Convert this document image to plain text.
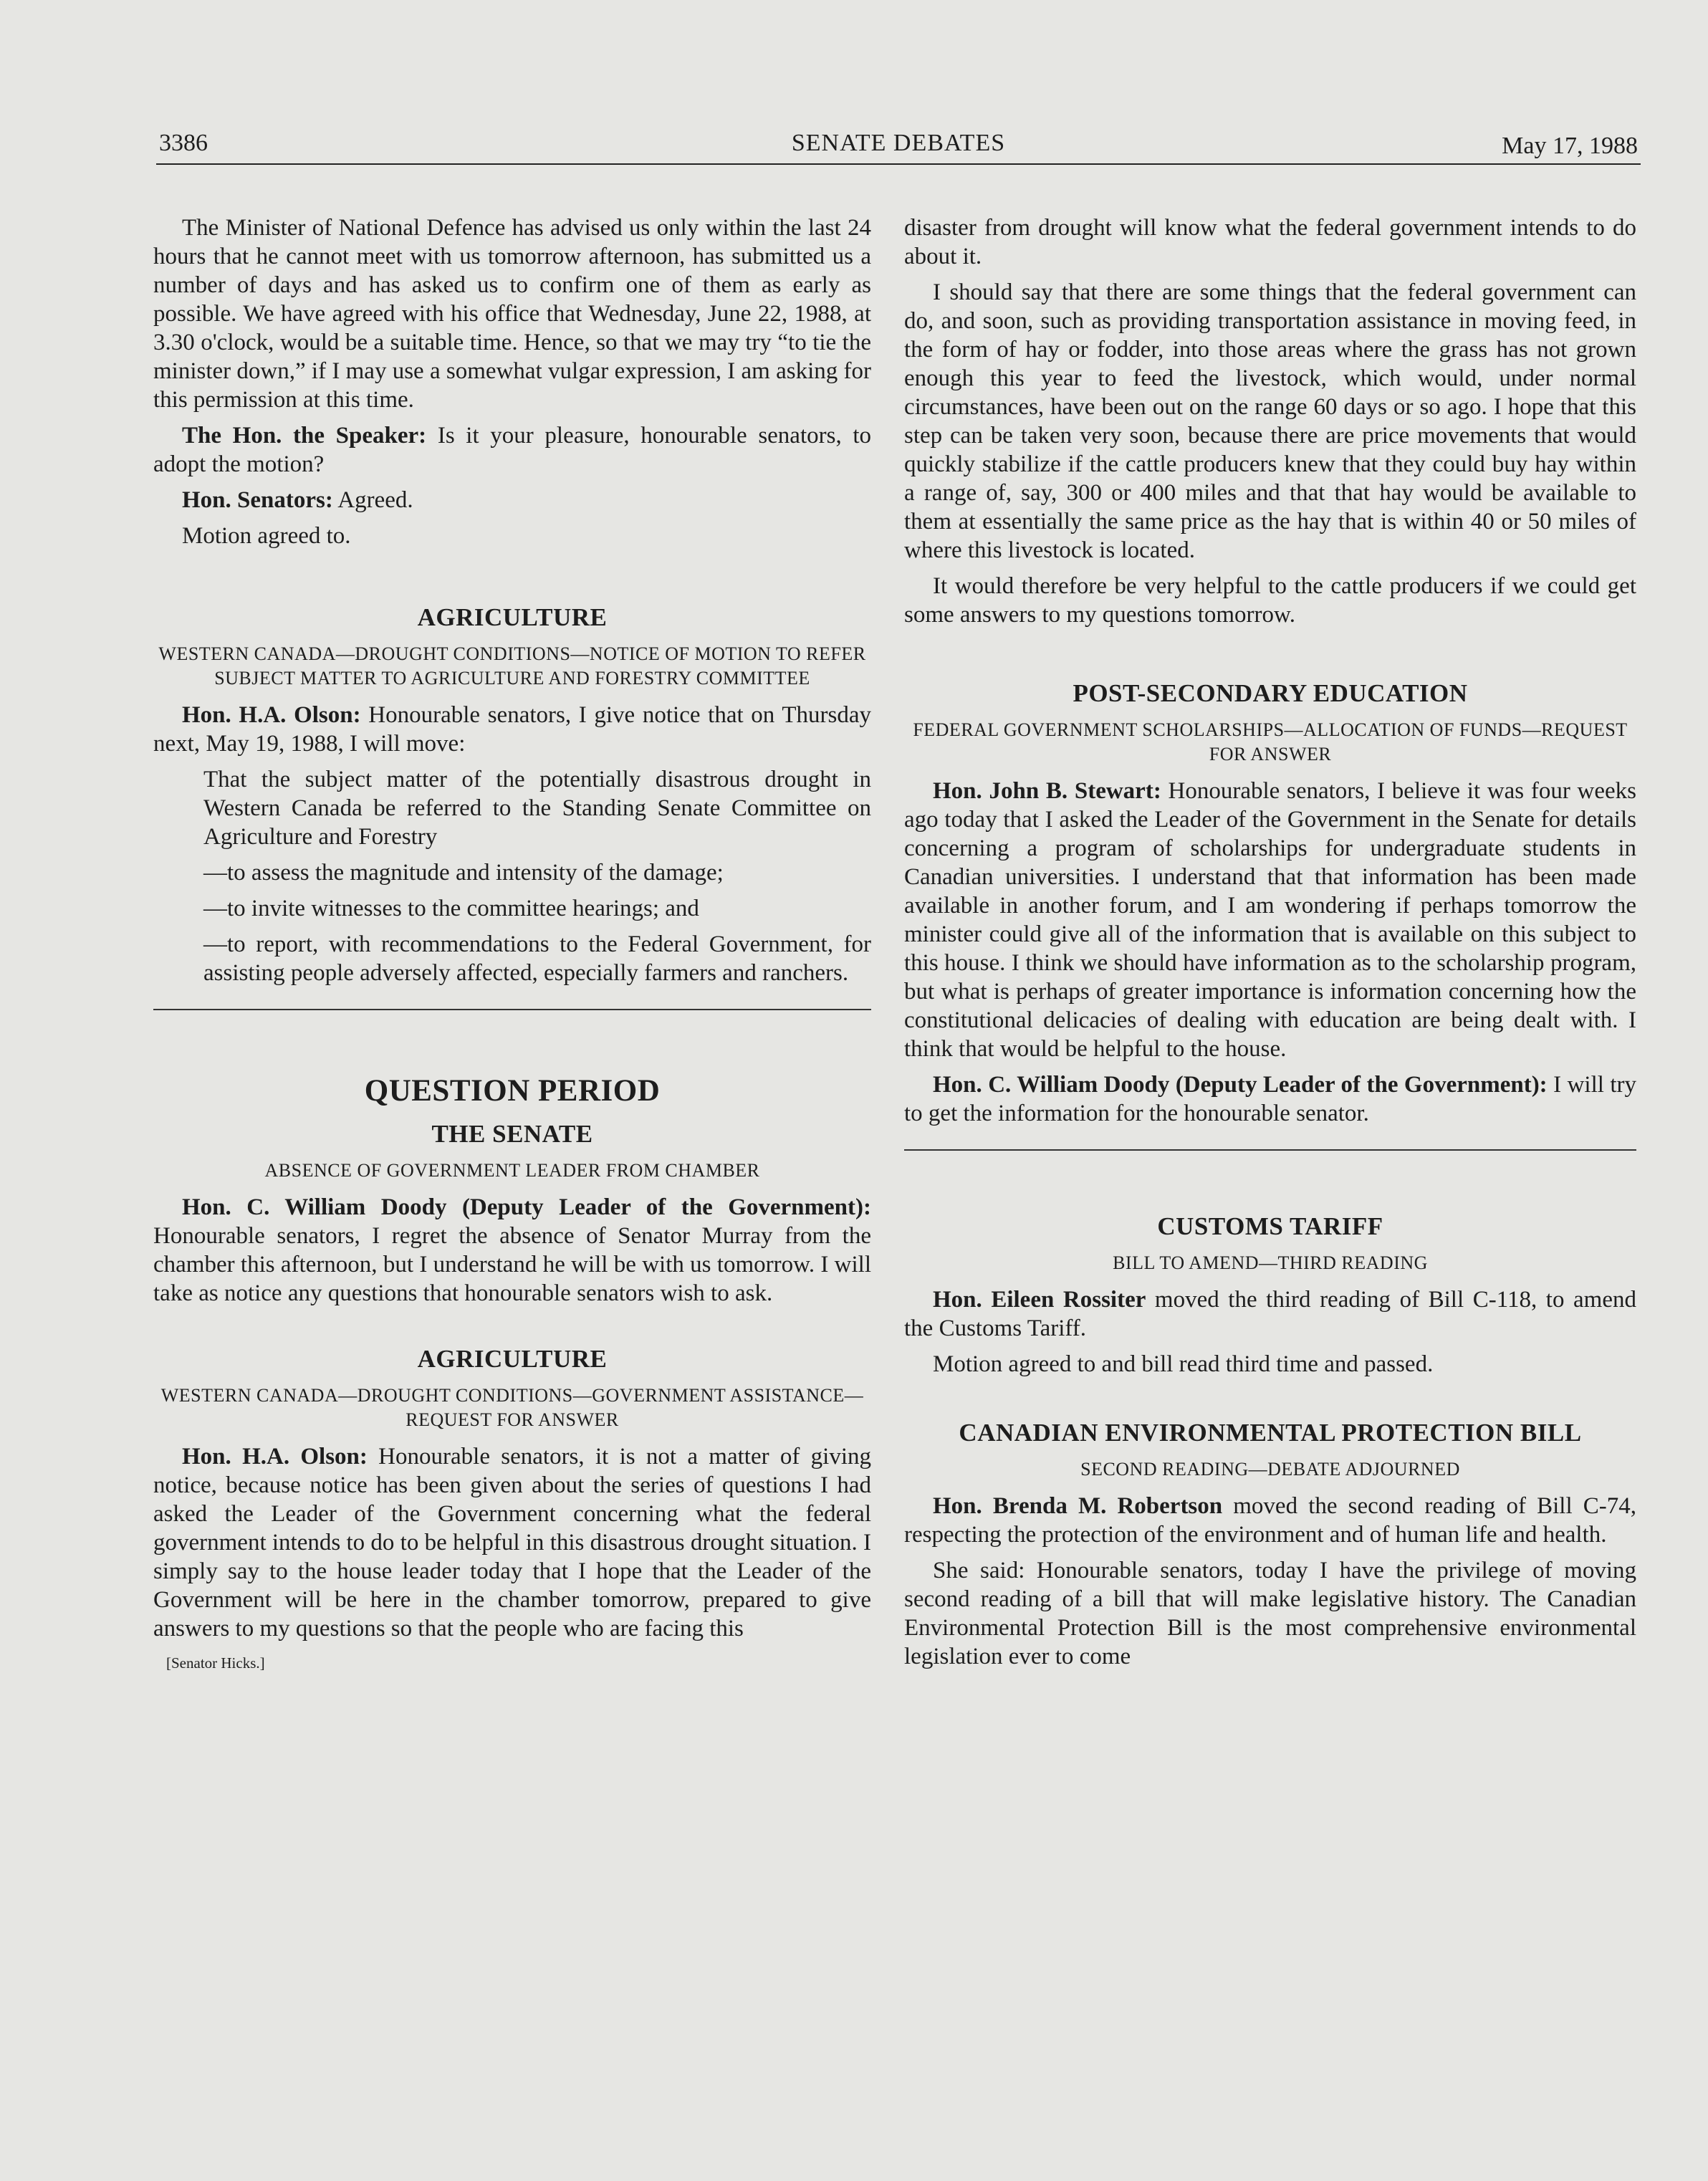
3386	SENATE DEBATES	May 17, 1988

The Minister of National Defence has advised us only within the last 24 hours that he cannot meet with us tomorrow afternoon, has submitted us a number of days and has asked us to confirm one of them as early as possible. We have agreed with his office that Wednesday, June 22, 1988, at 3.30 o'clock, would be a suitable time. Hence, so that we may try “to tie the minister down,” if I may use a somewhat vulgar expression, I am asking for this permission at this time.

The Hon. the Speaker: Is it your pleasure, honourable senators, to adopt the motion?

Hon. Senators: Agreed.

Motion agreed to.

AGRICULTURE
WESTERN CANADA—DROUGHT CONDITIONS—NOTICE OF MOTION TO REFER SUBJECT MATTER TO AGRICULTURE AND FORESTRY COMMITTEE

Hon. H.A. Olson: Honourable senators, I give notice that on Thursday next, May 19, 1988, I will move:

That the subject matter of the potentially disastrous drought in Western Canada be referred to the Standing Senate Committee on Agriculture and Forestry

—to assess the magnitude and intensity of the damage;

—to invite witnesses to the committee hearings; and

—to report, with recommendations to the Federal Government, for assisting people adversely affected, especially farmers and ranchers.

QUESTION PERIOD
THE SENATE
ABSENCE OF GOVERNMENT LEADER FROM CHAMBER

Hon. C. William Doody (Deputy Leader of the Government): Honourable senators, I regret the absence of Senator Murray from the chamber this afternoon, but I understand he will be with us tomorrow. I will take as notice any questions that honourable senators wish to ask.

AGRICULTURE
WESTERN CANADA—DROUGHT CONDITIONS—GOVERNMENT ASSISTANCE—REQUEST FOR ANSWER

Hon. H.A. Olson: Honourable senators, it is not a matter of giving notice, because notice has been given about the series of questions I had asked the Leader of the Government concerning what the federal government intends to do to be helpful in this disastrous drought situation. I simply say to the house leader today that I hope that the Leader of the Government will be here in the chamber tomorrow, prepared to give answers to my questions so that the people who are facing this

[Senator Hicks.]

disaster from drought will know what the federal government intends to do about it.

I should say that there are some things that the federal government can do, and soon, such as providing transportation assistance in moving feed, in the form of hay or fodder, into those areas where the grass has not grown enough this year to feed the livestock, which would, under normal circumstances, have been out on the range 60 days or so ago. I hope that this step can be taken very soon, because there are price movements that would quickly stabilize if the cattle producers knew that they could buy hay within a range of, say, 300 or 400 miles and that that hay would be available to them at essentially the same price as the hay that is within 40 or 50 miles of where this livestock is located.

It would therefore be very helpful to the cattle producers if we could get some answers to my questions tomorrow.

POST-SECONDARY EDUCATION
FEDERAL GOVERNMENT SCHOLARSHIPS—ALLOCATION OF FUNDS—REQUEST FOR ANSWER

Hon. John B. Stewart: Honourable senators, I believe it was four weeks ago today that I asked the Leader of the Government in the Senate for details concerning a program of scholarships for undergraduate students in Canadian universities. I understand that that information has been made available in another forum, and I am wondering if perhaps tomorrow the minister could give all of the information that is available on this subject to this house. I think we should have information as to the scholarship program, but what is perhaps of greater importance is information concerning how the constitutional delicacies of dealing with education are being dealt with. I think that would be helpful to the house.

Hon. C. William Doody (Deputy Leader of the Government): I will try to get the information for the honourable senator.

CUSTOMS TARIFF
BILL TO AMEND—THIRD READING

Hon. Eileen Rossiter moved the third reading of Bill C-118, to amend the Customs Tariff.

Motion agreed to and bill read third time and passed.

CANADIAN ENVIRONMENTAL PROTECTION BILL
SECOND READING—DEBATE ADJOURNED

Hon. Brenda M. Robertson moved the second reading of Bill C-74, respecting the protection of the environment and of human life and health.

She said: Honourable senators, today I have the privilege of moving second reading of a bill that will make legislative history. The Canadian Environmental Protection Bill is the most comprehensive environmental legislation ever to come
